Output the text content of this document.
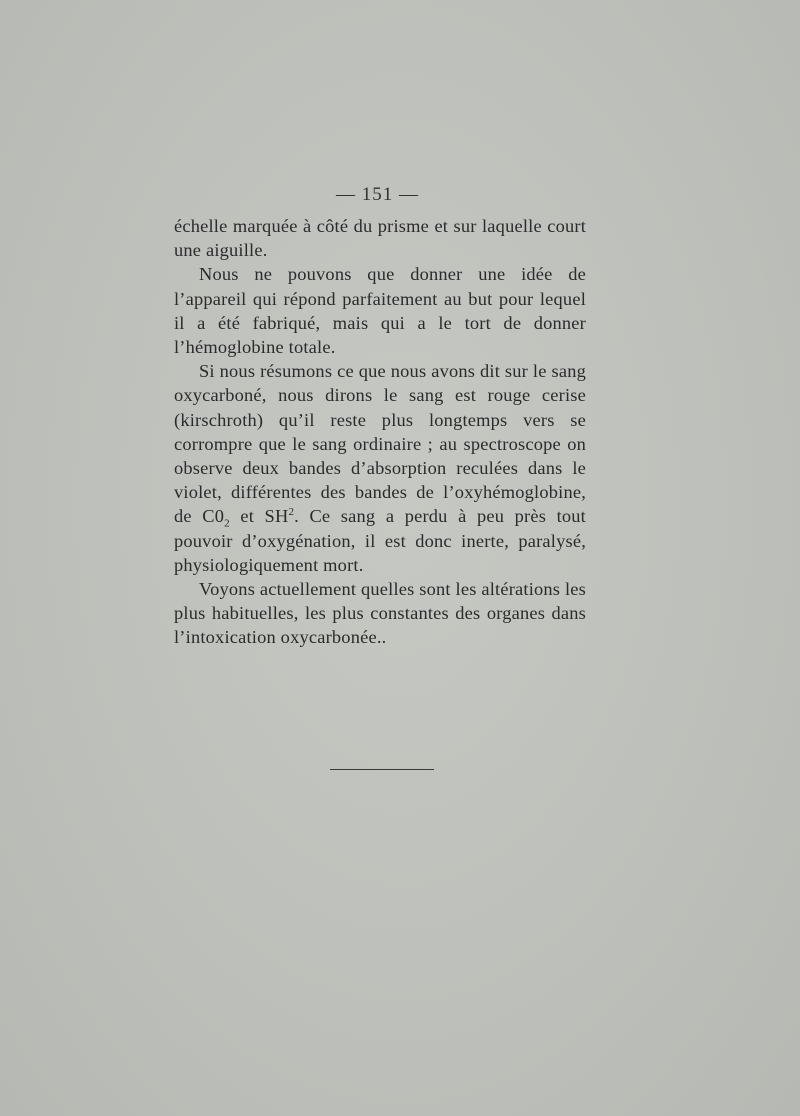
— 151 —

échelle marquée à côté du prisme et sur laquelle court une aiguille.

Nous ne pouvons que donner une idée de l’appareil qui répond parfaitement au but pour lequel il a été fabriqué, mais qui a le tort de donner l’hémoglobine totale.

Si nous résumons ce que nous avons dit sur le sang oxycarboné, nous dirons le sang est rouge cerise (kirschroth) qu’il reste plus longtemps vers se corrompre que le sang ordinaire ; au spectroscope on observe deux bandes d’absorption reculées dans le violet, différentes des bandes de l’oxyhémoglobine, de $C0_2$ et $SH^2$. Ce sang a perdu à peu près tout pouvoir d’oxygénation, il est donc inerte, paralysé, physiologiquement mort.

Voyons actuellement quelles sont les altérations les plus habituelles, les plus constantes des organes dans l’intoxication oxycarbonée..
